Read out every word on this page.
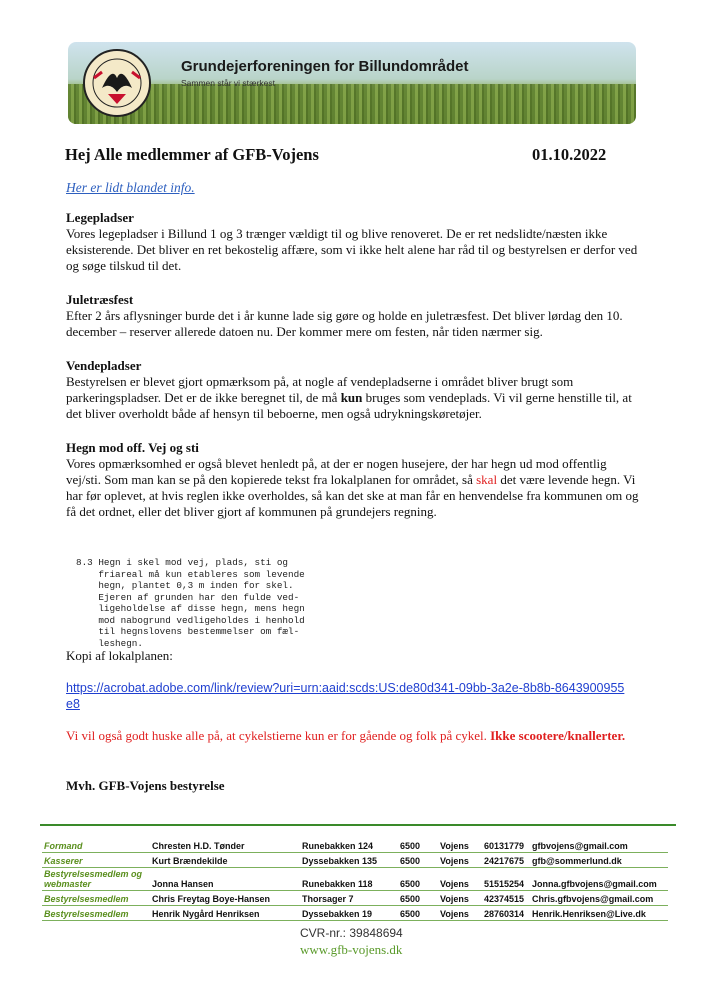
Grundejerforeningen for Billundområdet
Sammen står vi stærkest
Hej Alle medlemmer af GFB-Vojens	01.10.2022
Her er lidt blandet info.
Legepladser

Vores legepladser i Billund 1 og 3 trænger vældigt til og blive renoveret. De er ret nedslidte/næsten ikke eksisterende. Det bliver en ret bekostelig affære, som vi ikke helt alene har råd til og bestyrelsen er derfor ved og søge tilskud til det.

Juletræsfest

Efter 2 års aflysninger burde det i år kunne lade sig gøre og holde en juletræsfest. Det bliver lørdag den 10. december – reserver allerede datoen nu. Der kommer mere om festen, når tiden nærmer sig.

Vendepladser

Bestyrelsen er blevet gjort opmærksom på, at nogle af vendepladserne i området bliver brugt som parkeringspladser. Det er de ikke beregnet til, de må kun bruges som vendeplads. Vi vil gerne henstille til, at det bliver overholdt både af hensyn til beboerne, men også udrykningskøretøjer.

Hegn mod off. Vej og sti

Vores opmærksomhed er også blevet henledt på, at der er nogen husejere, der har hegn ud mod offentlig vej/sti. Som man kan se på den kopierede tekst fra lokalplanen for området, så skal det være levende hegn. Vi har før oplevet, at hvis reglen ikke overholdes, så kan det ske at man får en henvendelse fra kommunen om og få det ordnet, eller det bliver gjort af kommunen på grundejers regning.

8.3 Hegn i skel mod vej, plads, sti og
friareal må kun etableres som levende
hegn, plantet 0,3 m inden for skel.
Ejeren af grunden har den fulde ved-
ligeholdelse af disse hegn, mens hegn
mod nabogrund vedligeholdes i henhold
til hegnslovens bestemmelser om fæl-
leshegn.
Kopi af lokalplanen:
https://acrobat.adobe.com/link/review?uri=urn:aaid:scds:US:de80d341-09bb-3a2e-8b8b-8643900955e8
Vi vil også godt huske alle på, at cykelstierne kun er for gående og folk på cykel. Ikke scootere/knallerter.
Mvh. GFB-Vojens bestyrelse
Formand	Chresten H.D. Tønder	Runebakken 124	6500	Vojens	60131779	gfbvojens@gmail.com
Kasserer	Kurt Brændekilde	Dyssebakken 135	6500	Vojens	24217675	gfb@sommerlund.dk
Bestyrelsesmedlem og webmaster	Jonna Hansen	Runebakken 118	6500	Vojens	51515254	Jonna.gfbvojens@gmail.com
Bestyrelsesmedlem	Chris Freytag Boye-Hansen	Thorsager 7	6500	Vojens	42374515	Chris.gfbvojens@gmail.com
Bestyrelsesmedlem	Henrik Nygård Henriksen	Dyssebakken 19	6500	Vojens	28760314	Henrik.Henriksen@Live.dk
CVR-nr.: 39848694
www.gfb-vojens.dk
